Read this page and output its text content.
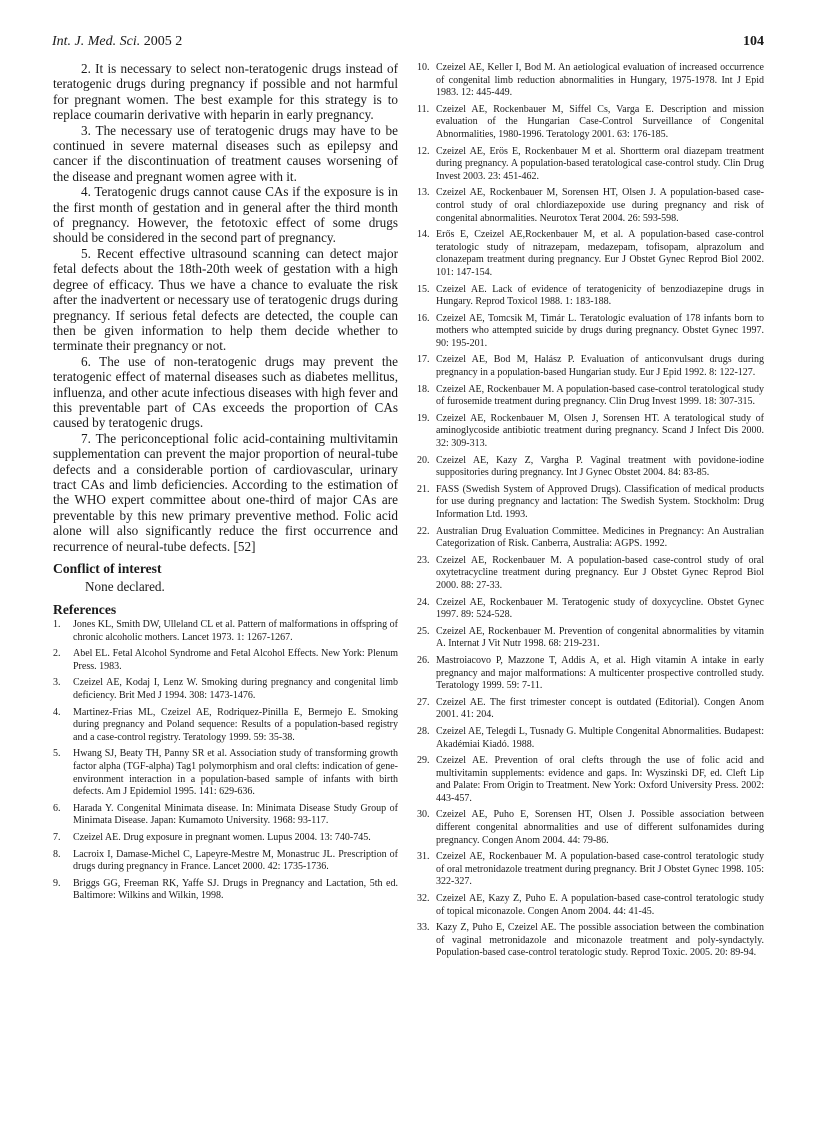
Int. J. Med. Sci. 2005 2	104

2. It is necessary to select non-teratogenic drugs instead of teratogenic drugs during pregnancy if possible and not harmful for pregnant women. The best example for this strategy is to replace coumarin derivative with heparin in early pregnancy.

3. The necessary use of teratogenic drugs may have to be continued in severe maternal diseases such as epilepsy and cancer if the discontinuation of treatment causes worsening of the disease and pregnant women agree with it.

4. Teratogenic drugs cannot cause CAs if the exposure is in the first month of gestation and in general after the third month of pregnancy. However, the fetotoxic effect of some drugs should be considered in the second part of pregnancy.

5. Recent effective ultrasound scanning can detect major fetal defects about the 18th-20th week of gestation with a high degree of efficacy. Thus we have a chance to evaluate the risk after the inadvertent or necessary use of teratogenic drugs during pregnancy. If serious fetal defects are detected, the couple can then be given information to help them decide whether to terminate their pregnancy or not.

6. The use of non-teratogenic drugs may prevent the teratogenic effect of maternal diseases such as diabetes mellitus, influenza, and other acute infectious diseases with high fever and this preventable part of CAs exceeds the proportion of CAs caused by teratogenic drugs.

7. The periconceptional folic acid-containing multivitamin supplementation can prevent the major proportion of neural-tube defects and a considerable portion of cardiovascular, urinary tract CAs and limb deficiencies. According to the estimation of the WHO expert committee about one-third of major CAs are preventable by this new primary preventive method. Folic acid alone will also significantly reduce the first occurrence and recurrence of neural-tube defects. [52]

Conflict of interest

None declared.

References
1.	Jones KL, Smith DW, Ulleland CL et al. Pattern of malformations in offspring of chronic alcoholic mothers. Lancet 1973. 1: 1267-1267.
2.	Abel EL. Fetal Alcohol Syndrome and Fetal Alcohol Effects. New York: Plenum Press. 1983.
3.	Czeizel AE, Kodaj I, Lenz W. Smoking during pregnancy and congenital limb deficiency. Brit Med J 1994. 308: 1473-1476.
4.	Martinez-Frias ML, Czeizel AE, Rodriquez-Pinilla E, Bermejo E. Smoking during pregnancy and Poland sequence: Results of a population-based registry and a case-control registry. Teratology 1999. 59: 35-38.
5.	Hwang SJ, Beaty TH, Panny SR et al. Association study of transforming growth factor alpha (TGF-alpha) Tag1 polymorphism and oral clefts: indication of gene-environment interaction in a population-based sample of infants with birth defects. Am J Epidemiol 1995. 141: 629-636.
6.	Harada Y. Congenital Minimata disease. In: Minimata Disease Study Group of Minimata Disease. Japan: Kumamoto University. 1968: 93-117.
7.	Czeizel AE. Drug exposure in pregnant women. Lupus 2004. 13: 740-745.
8.	Lacroix I, Damase-Michel C, Lapeyre-Mestre M, Monastruc JL. Prescription of drugs during pregnancy in France. Lancet 2000. 42: 1735-1736.
9.	Briggs GG, Freeman RK, Yaffe SJ. Drugs in Pregnancy and Lactation, 5th ed. Baltimore: Wilkins and Wilkin, 1998.
10. Czeizel AE, Keller I, Bod M. An aetiological evaluation of increased occurrence of congenital limb reduction abnormalities in Hungary, 1975-1978. Int J Epid 1983. 12: 445-449.
11. Czeizel AE, Rockenbauer M, Siffel Cs, Varga E. Description and mission evaluation of the Hungarian Case-Control Surveillance of Congenital Abnormalities, 1980-1996. Teratology 2001. 63: 176-185.
12. Czeizel AE, Erös E, Rockenbauer M et al. Shortterm oral diazepam treatment during pregnancy. A population-based teratological case-control study. Clin Drug Invest 2003. 23: 451-462.
13. Czeizel AE, Rockenbauer M, Sorensen HT, Olsen J. A population-based case-control study of oral chlordiazepoxide use during pregnancy and risk of congenital abnormalities. Neurotox Terat 2004. 26: 593-598.
14. Erős E, Czeizel AE,Rockenbauer M, et al. A population-based case-control teratologic study of nitrazepam, medazepam, tofisopam, alprazolum and clonazepam treatment during pregnancy. Eur J Obstet Gynec Reprod Biol 2002. 101: 147-154.
15. Czeizel AE. Lack of evidence of teratogenicity of benzodiazepine drugs in Hungary. Reprod Toxicol 1988. 1: 183-188.
16. Czeizel AE, Tomcsik M, Timár L. Teratologic evaluation of 178 infants born to mothers who attempted suicide by drugs during pregnancy. Obstet Gynec 1997. 90: 195-201.
17. Czeizel AE, Bod M, Halász P. Evaluation of anticonvulsant drugs during pregnancy in a population-based Hungarian study. Eur J Epid 1992. 8: 122-127.
18. Czeizel AE, Rockenbauer M. A population-based case-control teratological study of furosemide treatment during pregnancy. Clin Drug Invest 1999. 18: 307-315.
19. Czeizel AE, Rockenbauer M, Olsen J, Sorensen HT. A teratological study of aminoglycoside antibiotic treatment during pregnancy. Scand J Infect Dis 2000. 32: 309-313.
20. Czeizel AE, Kazy Z, Vargha P. Vaginal treatment with povidone-iodine suppositories during pregnancy. Int J Gynec Obstet 2004. 84: 83-85.
21. FASS (Swedish System of Approved Drugs). Classification of medical products for use during pregnancy and lactation: The Swedish System. Stockholm: Drug Information Ltd. 1993.
22. Australian Drug Evaluation Committee. Medicines in Pregnancy: An Australian Categorization of Risk. Canberra, Australia: AGPS. 1992.
23. Czeizel AE, Rockenbauer M. A population-based case-control study of oral oxytetracycline treatment during pregnancy. Eur J Obstet Gynec Reprod Biol 2000. 88: 27-33.
24. Czeizel AE, Rockenbauer M. Teratogenic study of doxycycline. Obstet Gynec 1997. 89: 524-528.
25. Czeizel AE, Rockenbauer M. Prevention of congenital abnormalities by vitamin A. Internat J Vit Nutr 1998. 68: 219-231.
26. Mastroiacovo P, Mazzone T, Addis A, et al. High vitamin A intake in early pregnancy and major malformations: A multicenter prospective controlled study. Teratology 1999. 59: 7-11.
27. Czeizel AE. The first trimester concept is outdated (Editorial). Congen Anom 2001. 41: 204.
28. Czeizel AE, Telegdi L, Tusnady G. Multiple Congenital Abnormalities. Budapest: Akadémiai Kiadó. 1988.
29. Czeizel AE. Prevention of oral clefts through the use of folic acid and multivitamin supplements: evidence and gaps. In: Wyszinski DF, ed. Cleft Lip and Palate: From Origin to Treatment. New York: Oxford University Press. 2002: 443-457.
30. Czeizel AE, Puho E, Sorensen HT, Olsen J. Possible association between different congenital abnormalities and use of different sulfonamides during pregnancy. Congen Anom 2004. 44: 79-86.
31. Czeizel AE, Rockenbauer M. A population-based case-control teratologic study of oral metronidazole treatment during pregnancy. Brit J Obstet Gynec 1998. 105: 322-327.
32. Czeizel AE, Kazy Z, Puho E. A population-based case-control teratologic study of topical miconazole. Congen Anom 2004. 44: 41-45.
33. Kazy Z, Puho E, Czeizel AE. The possible association between the combination of vaginal metronidazole and miconazole treatment and poly-syndactyly. Population-based case-control teratologic study. Reprod Toxic. 2005. 20: 89-94.
